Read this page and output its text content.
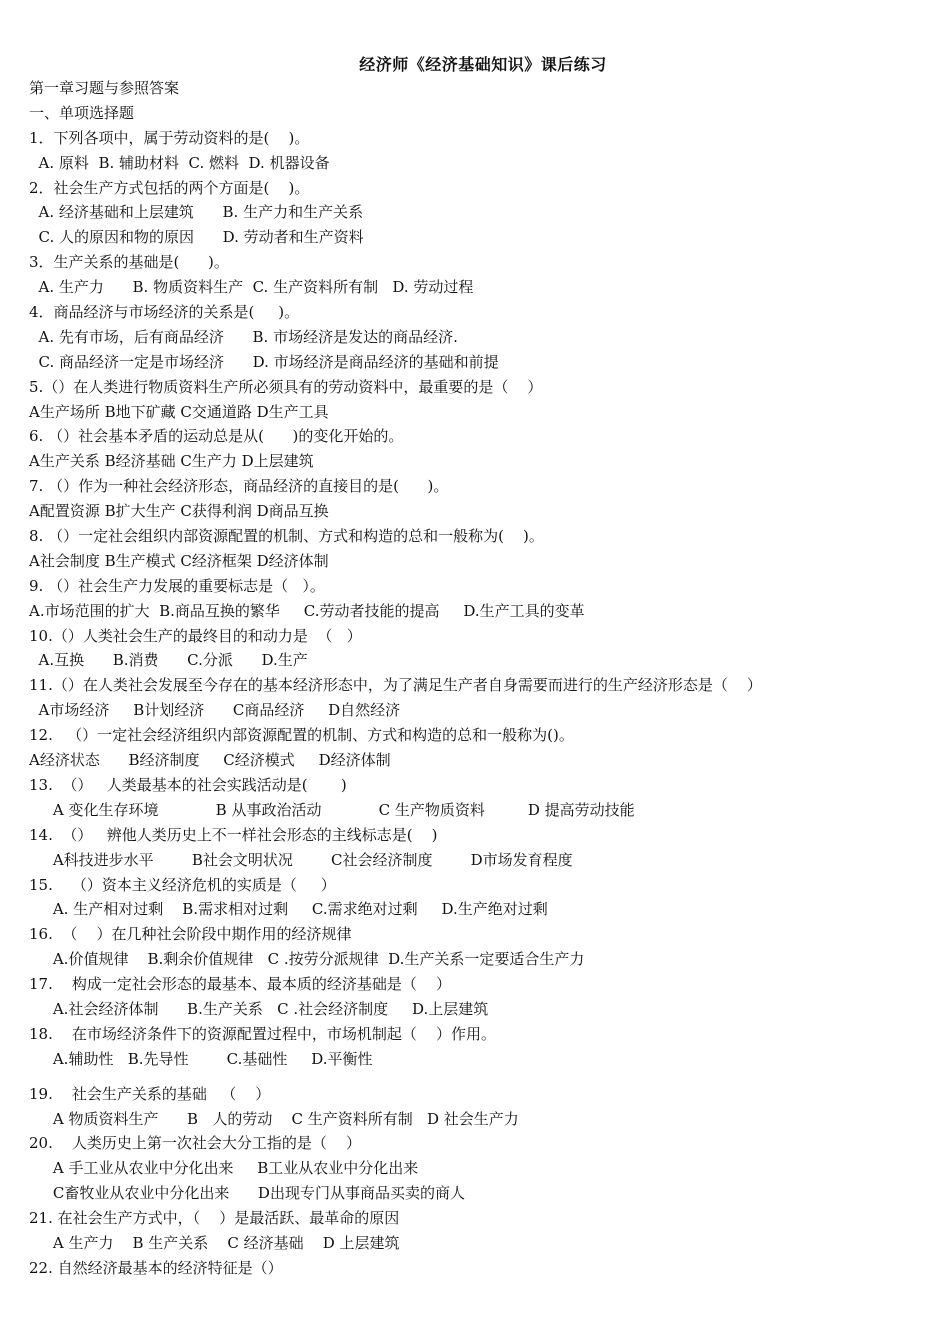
经济师《经济基础知识》课后练习
第一章习题与参照答案
一、单项选择题
1．下列各项中，属于劳动资料的是(    )。
A. 原料  B. 辅助材料  C. 燃料  D. 机器设备
2．社会生产方式包括的两个方面是(    )。
A. 经济基础和上层建筑      B. 生产力和生产关系
C. 人的原因和物的原因      D. 劳动者和生产资料
3．生产关系的基础是(      )。
A. 生产力      B. 物质资料生产  C. 生产资料所有制   D. 劳动过程
4．商品经济与市场经济的关系是(     )。
A. 先有市场，后有商品经济      B. 市场经济是发达的商品经济.
C. 商品经济一定是市场经济      D. 市场经济是商品经济的基础和前提
5.（）在人类进行物质资料生产所必须具有的劳动资料中，最重要的是（    ）
A生产场所 B地下矿藏 C交通道路 D生产工具
6. （）社会基本矛盾的运动总是从(      )的变化开始的。
A生产关系 B经济基础 C生产力 D上层建筑
7. （）作为一种社会经济形态，商品经济的直接目的是(      )。
A配置资源 B扩大生产 C获得利润 D商品互换
8. （）一定社会组织内部资源配置的机制、方式和构造的总和一般称为(    )。
A社会制度 B生产模式 C经济框架 D经济体制
9. （）社会生产力发展的重要标志是（   ）。
A.市场范围的扩大  B.商品互换的繁华     C.劳动者技能的提高     D.生产工具的变革
10.（）人类社会生产的最终目的和动力是  （   ）
A.互换      B.消费      C.分派      D.生产
11.（）在人类社会发展至今存在的基本经济形态中，为了满足生产者自身需要而进行的生产经济形态是（    ）
A市场经济     B计划经济      C商品经济     D自然经济
12.   （）一定社会经济组织内部资源配置的机制、方式和构造的总和一般称为()。
A经济状态      B经济制度     C经济模式     D经济体制
13.  （）   人类最基本的社会实践活动是(       )
A 变化生存环境            B 从事政治活动            C 生产物质资料         D 提高劳动技能
14.  （）   辨他人类历史上不一样社会形态的主线标志是(    )
A科技进步水平        B社会文明状况        C社会经济制度        D市场发育程度
15.    （）资本主义经济危机的实质是（     ）
A. 生产相对过剩    B.需求相对过剩     C.需求绝对过剩     D.生产绝对过剩
16.  （    ）在几种社会阶段中期作用的经济规律
A.价值规律    B.剩余价值规律   C .按劳分派规律  D.生产关系一定要适合生产力
17.    构成一定社会形态的最基本、最本质的经济基础是（    ）
A.社会经济体制      B.生产关系   C .社会经济制度     D.上层建筑
18.    在市场经济条件下的资源配置过程中，市场机制起（    ）作用。
A.辅助性   B.先导性        C.基础性     D.平衡性
19.    社会生产关系的基础   （    ）
A 物质资料生产      B   人的劳动    C 生产资料所有制   D 社会生产力
20.    人类历史上第一次社会大分工指的是（    ）
A 手工业从农业中分化出来     B工业从农业中分化出来
C畜牧业从农业中分化出来      D出现专门从事商品买卖的商人
21. 在社会生产方式中，（    ）是最活跃、最革命的原因
A 生产力    B 生产关系    C 经济基础    D 上层建筑
22. 自然经济最基本的经济特征是（）
